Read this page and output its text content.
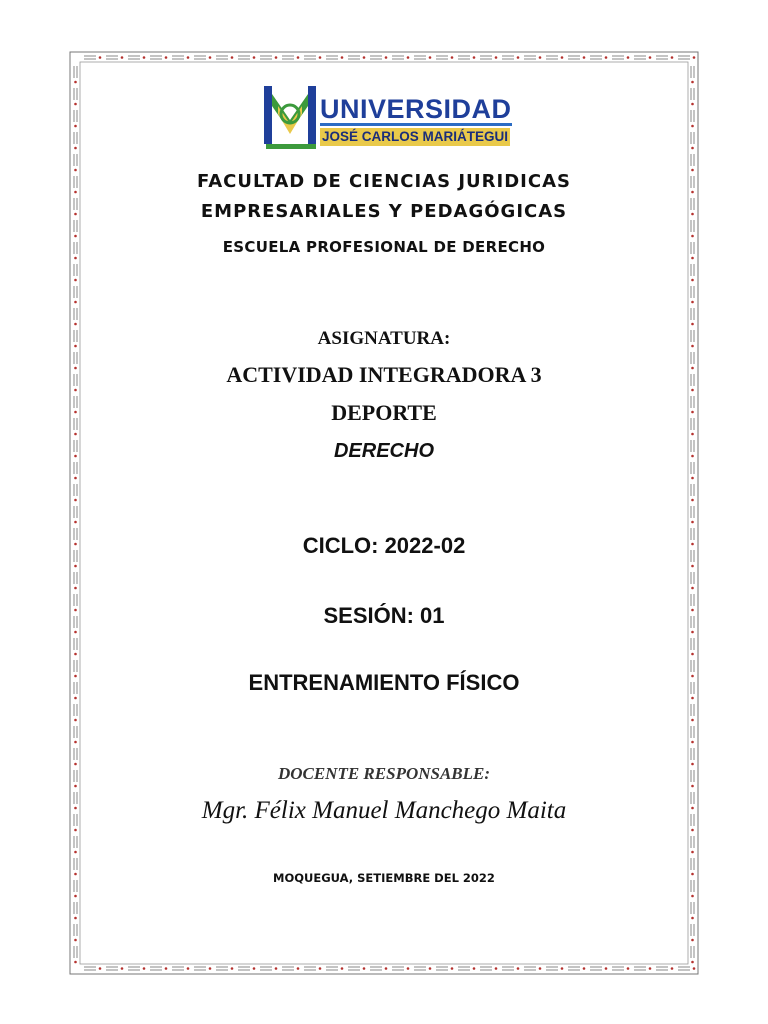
UNIVERSIDAD
JOSÉ CARLOS MARIÁTEGUI
FACULTAD DE CIENCIAS JURIDICAS
EMPRESARIALES Y PEDAGÓGICAS
ESCUELA PROFESIONAL DE DERECHO
ASIGNATURA:
ACTIVIDAD INTEGRADORA 3
DEPORTE
DERECHO
CICLO: 2022-02
SESIÓN: 01
ENTRENAMIENTO FÍSICO
DOCENTE RESPONSABLE:
Mgr. Félix Manuel Manchego Maita
MOQUEGUA, SETIEMBRE DEL 2022
